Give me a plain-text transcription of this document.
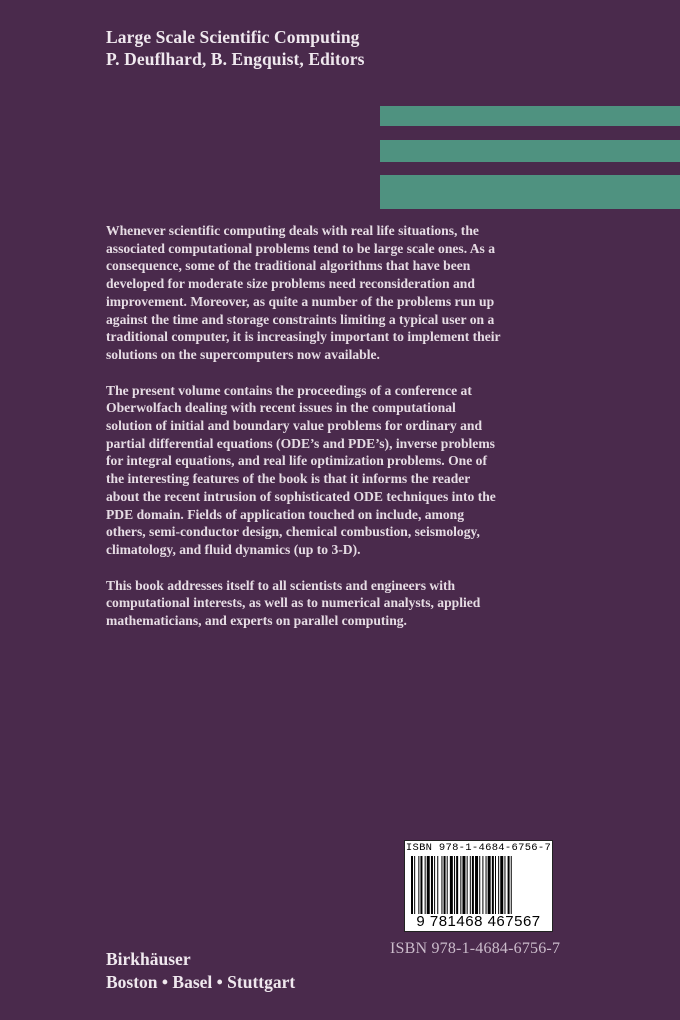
Large Scale Scientific Computing
P. Deuflhard, B. Engquist, Editors

Whenever scientific computing deals with real life situations, the
associated computational problems tend to be large scale ones. As a
consequence, some of the traditional algorithms that have been
developed for moderate size problems need reconsideration and
improvement. Moreover, as quite a number of the problems run up
against the time and storage constraints limiting a typical user on a
traditional computer, it is increasingly important to implement their
solutions on the supercomputers now available.

The present volume contains the proceedings of a conference at
Oberwolfach dealing with recent issues in the computational
solution of initial and boundary value problems for ordinary and
partial differential equations (ODE’s and PDE’s), inverse problems
for integral equations, and real life optimization problems. One of
the interesting features of the book is that it informs the reader
about the recent intrusion of sophisticated ODE techniques into the
PDE domain. Fields of application touched on include, among
others, semi-conductor design, chemical combustion, seismology,
climatology, and fluid dynamics (up to 3-D).

This book addresses itself to all scientists and engineers with
computational interests, as well as to numerical analysts, applied
mathematicians, and experts on parallel computing.

ISBN 978-1-4684-6756-7
9 781468 467567
ISBN 978-1-4684-6756-7
Birkhäuser
Boston • Basel • Stuttgart
